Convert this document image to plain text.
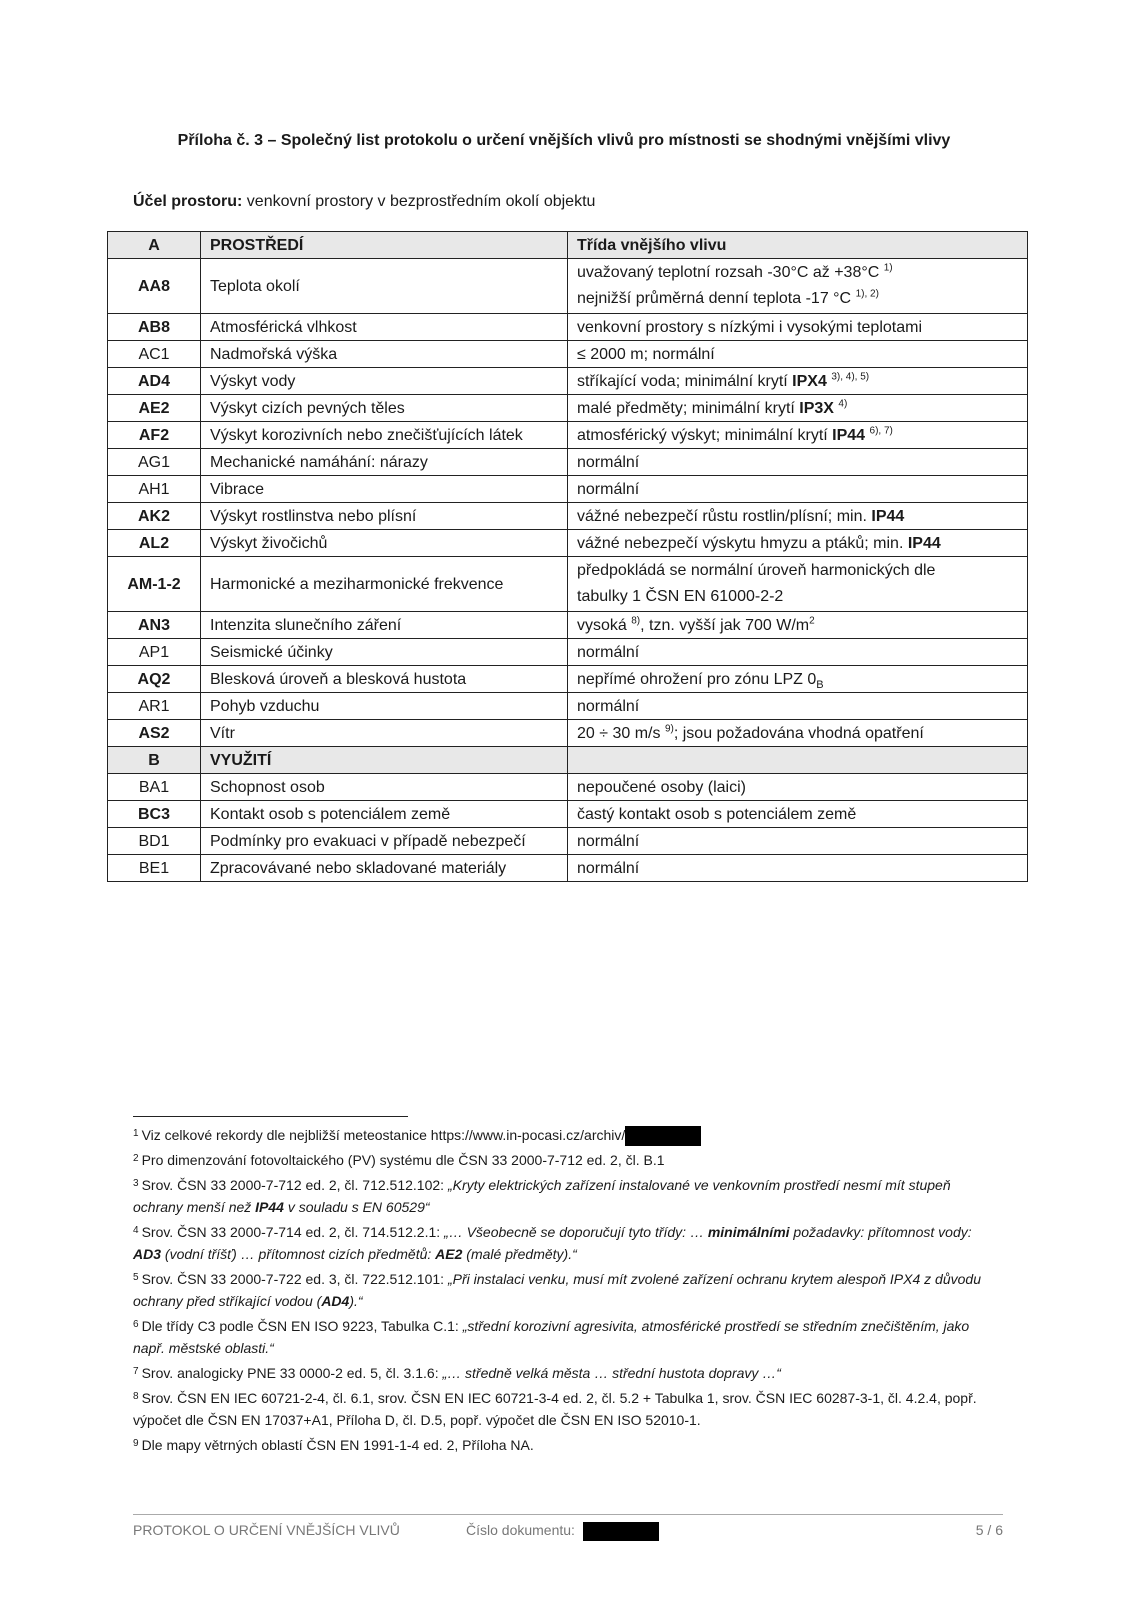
Příloha č. 3 – Společný list protokolu o určení vnějších vlivů pro místnosti se shodnými vnějšími vlivy
Účel prostoru: venkovní prostory v bezprostředním okolí objektu
A	PROSTŘEDÍ	Třída vnějšího vlivu
AA8	Teplota okolí	uvažovaný teplotní rozsah -30°C až +38°C $^{1)}$
nejnižší průměrná denní teplota -17 °C $^{1), 2)}$
AB8	Atmosférická vlhkost	venkovní prostory s nízkými i vysokými teplotami
AC1	Nadmořská výška	≤ 2000 m; normální
AD4	Výskyt vody	stříkající voda; minimální krytí IPX4 $^{3), 4), 5)}$
AE2	Výskyt cizích pevných těles	malé předměty; minimální krytí IP3X $^{4)}$
AF2	Výskyt korozivních nebo znečišťujících látek	atmosférický výskyt; minimální krytí IP44 $^{6), 7)}$
AG1	Mechanické namáhání: nárazy	normální
AH1	Vibrace	normální
AK2	Výskyt rostlinstva nebo plísní	vážné nebezpečí růstu rostlin/plísní; min. IP44
AL2	Výskyt živočichů	vážné nebezpečí výskytu hmyzu a ptáků; min. IP44
AM-1-2	Harmonické a meziharmonické frekvence	předpokládá se normální úroveň harmonických dle
tabulky 1 ČSN EN 61000-2-2
AN3	Intenzita slunečního záření	vysoká $^{8)}$, tzn. vyšší jak 700 $W/m^2$
AP1	Seismické účinky	normální
AQ2	Blesková úroveň a blesková hustota	nepřímé ohrožení pro zónu LPZ $0_B$
AR1	Pohyb vzduchu	normální
AS2	Vítr	20 ÷ 30 m/s $^{9)}$; jsou požadována vhodná opatření
B	VYUŽITÍ	
BA1	Schopnost osob	nepoučené osoby (laici)
BC3	Kontakt osob s potenciálem země	častý kontakt osob s potenciálem země
BD1	Podmínky pro evakuaci v případě nebezpečí	normální
BE1	Zpracovávané nebo skladované materiály	normální
$^1$ Viz celkové rekordy dle nejbližší meteostanice https://www.in-pocasi.cz/archiv/
$^2$ Pro dimenzování fotovoltaického (PV) systému dle ČSN 33 2000-7-712 ed. 2, čl. B.1
$^3$ Srov. ČSN 33 2000-7-712 ed. 2, čl. 712.512.102: „Kryty elektrických zařízení instalované ve venkovním prostředí nesmí mít stupeň ochrany menší než IP44 v souladu s EN 60529“
$^4$ Srov. ČSN 33 2000-7-714 ed. 2, čl. 714.512.2.1: „… Všeobecně se doporučují tyto třídy: … minimálními požadavky: přítomnost vody: AD3 (vodní tříšť) … přítomnost cizích předmětů: AE2 (malé předměty).“
$^5$ Srov. ČSN 33 2000-7-722 ed. 3, čl. 722.512.101: „Při instalaci venku, musí mít zvolené zařízení ochranu krytem alespoň IPX4 z důvodu ochrany před stříkající vodou (AD4).“
$^6$ Dle třídy C3 podle ČSN EN ISO 9223, Tabulka C.1: „střední korozivní agresivita, atmosférické prostředí se středním znečištěním, jako např. městské oblasti.“
$^7$ Srov. analogicky PNE 33 0000-2 ed. 5, čl. 3.1.6: „… středně velká města … střední hustota dopravy …“
$^8$ Srov. ČSN EN IEC 60721-2-4, čl. 6.1, srov. ČSN EN IEC 60721-3-4 ed. 2, čl. 5.2 + Tabulka 1, srov. ČSN IEC 60287-3-1, čl. 4.2.4, popř. výpočet dle ČSN EN 17037+A1, Příloha D, čl. D.5, popř. výpočet dle ČSN EN ISO 52010-1.
$^9$ Dle mapy větrných oblastí ČSN EN 1991-1-4 ed. 2, Příloha NA.
PROTOKOL O URČENÍ VNĚJŠÍCH VLIVŮ	Číslo dokumentu:	5 / 6
